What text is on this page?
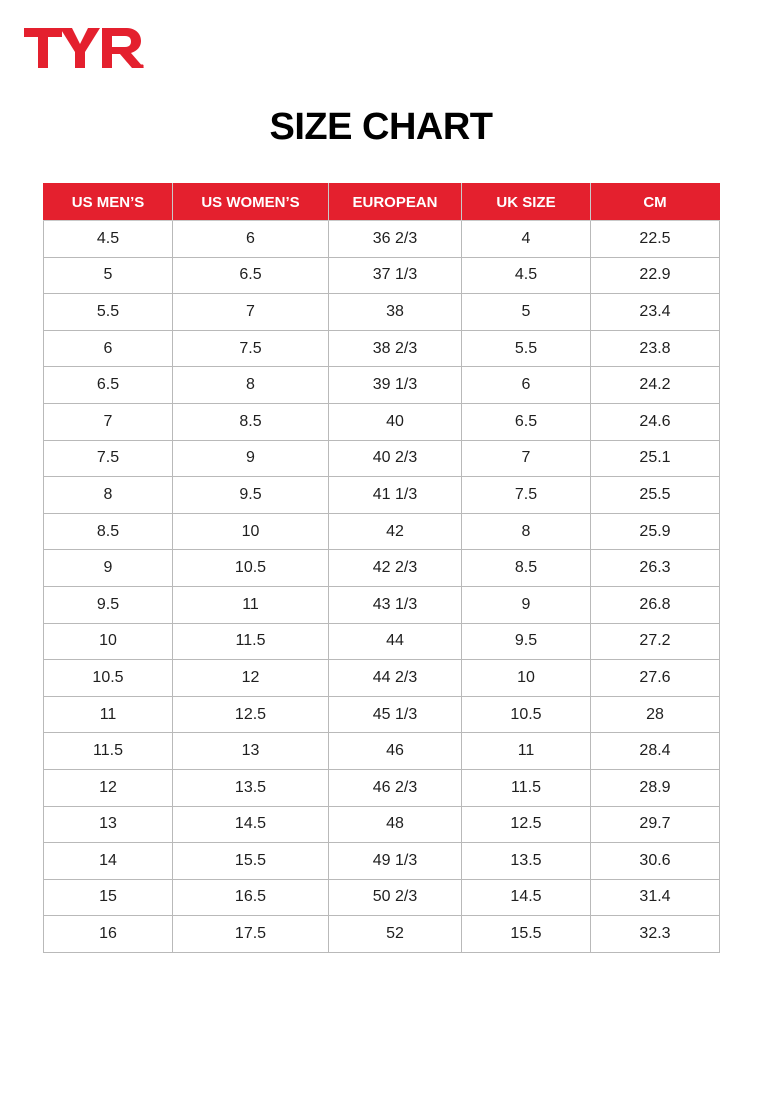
SIZE CHART
US MEN’S	US WOMEN’S	EUROPEAN	UK SIZE	CM
4.5	6	36 2/3	4	22.5
5	6.5	37 1/3	4.5	22.9
5.5	7	38	5	23.4
6	7.5	38 2/3	5.5	23.8
6.5	8	39 1/3	6	24.2
7	8.5	40	6.5	24.6
7.5	9	40 2/3	7	25.1
8	9.5	41 1/3	7.5	25.5
8.5	10	42	8	25.9
9	10.5	42 2/3	8.5	26.3
9.5	11	43 1/3	9	26.8
10	11.5	44	9.5	27.2
10.5	12	44 2/3	10	27.6
11	12.5	45 1/3	10.5	28
11.5	13	46	11	28.4
12	13.5	46 2/3	11.5	28.9
13	14.5	48	12.5	29.7
14	15.5	49 1/3	13.5	30.6
15	16.5	50 2/3	14.5	31.4
16	17.5	52	15.5	32.3
